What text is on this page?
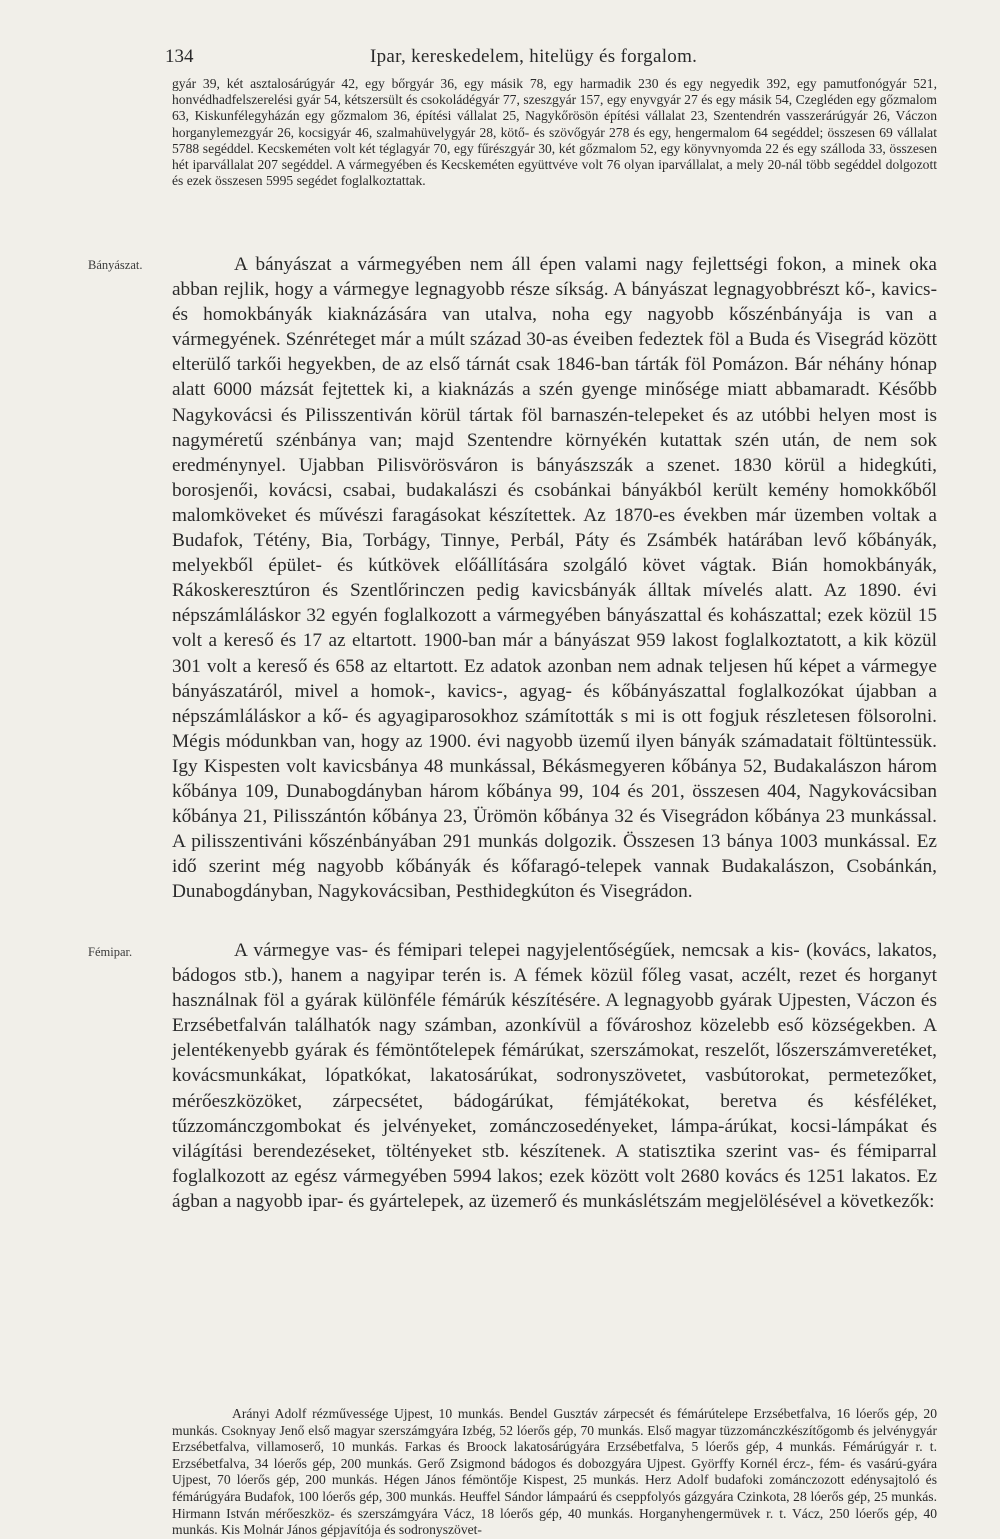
134	Ipar, kereskedelem, hitelügy és forgalom.

gyár 39, két asztalosárúgyár 42, egy bőrgyár 36, egy másik 78, egy harmadik 230 és egy negyedik 392, egy pamutfonógyár 521, honvédhadfelszerelési gyár 54, kétszersült és csokoládégyár 77, szeszgyár 157, egy enyvgyár 27 és egy másik 54, Czegléden egy gőzmalom 63, Kiskunfélegyházán egy gőzmalom 36, építési vállalat 25, Nagykőrösön építési vállalat 23, Szentendrén vasszerárúgyár 26, Váczon horganylemezgyár 26, kocsigyár 46, szalmahüvelygyár 28, kötő- és szövőgyár 278 és egy, hengermalom 64 segéddel; összesen 69 vállalat 5788 segéddel. Kecskeméten volt két téglagyár 70, egy fűrészgyár 30, két gőzmalom 52, egy könyvnyomda 22 és egy szálloda 33, összesen hét iparvállalat 207 segéddel. A vármegyében és Kecskeméten együttvéve volt 76 olyan iparvállalat, a mely 20-nál több segéddel dolgozott és ezek összesen 5995 segédet foglalkoztattak.

Bányászat.	A bányászat a vármegyében nem áll épen valami nagy fejlettségi fokon, a minek oka abban rejlik, hogy a vármegye legnagyobb része síkság. A bányászat legnagyobbrészt kő-, kavics- és homokbányák kiaknázására van utalva, noha egy nagyobb kőszénbányája is van a vármegyének. Szénréteget már a múlt század 30-as éveiben fedeztek föl a Buda és Visegrád között elterülő tarkői hegyekben, de az első tárnát csak 1846-ban tárták föl Pomázon. Bár néhány hónap alatt 6000 mázsát fejtettek ki, a kiaknázás a szén gyenge minősége miatt abbamaradt. Később Nagykovácsi és Pilisszentiván körül tártak föl barnaszén-telepeket és az utóbbi helyen most is nagyméretű szénbánya van; majd Szentendre környékén kutattak szén után, de nem sok eredménynyel. Ujabban Pilisvörösváron is bányászszák a szenet. 1830 körül a hidegkúti, borosjenői, kovácsi, csabai, budakalászi és csobánkai bányákból került kemény homokkőből malomköveket és művészi faragásokat készítettek. Az 1870-es években már üzemben voltak a Budafok, Tétény, Bia, Torbágy, Tinnye, Perbál, Páty és Zsámbék határában levő kőbányák, melyekből épület- és kútkövek előállítására szolgáló követ vágtak. Bián homokbányák, Rákoskeresztúron és Szentlőrinczen pedig kavicsbányák álltak mívelés alatt. Az 1890. évi népszámláláskor 32 egyén foglalkozott a vármegyében bányászattal és kohászattal; ezek közül 15 volt a kereső és 17 az eltartott. 1900-ban már a bányászat 959 lakost foglalkoztatott, a kik közül 301 volt a kereső és 658 az eltartott. Ez adatok azonban nem adnak teljesen hű képet a vármegye bányászatáról, mivel a homok-, kavics-, agyag- és kőbányászattal foglalkozókat újabban a népszámláláskor a kő- és agyagiparosokhoz számították s mi is ott fogjuk részletesen fölsorolni. Mégis módunkban van, hogy az 1900. évi nagyobb üzemű ilyen bányák számadatait föltüntessük. Igy Kispesten volt kavicsbánya 48 munkással, Békásmegyeren kőbánya 52, Budakalászon három kőbánya 109, Dunabogdányban három kőbánya 99, 104 és 201, összesen 404, Nagykovácsiban kőbánya 21, Pilisszántón kőbánya 23, Ürömön kőbánya 32 és Visegrádon kőbánya 23 munkással. A pilisszentiváni kőszénbányában 291 munkás dolgozik. Összesen 13 bánya 1003 munkással. Ez idő szerint még nagyobb kőbányák és kőfaragó-telepek vannak Budakalászon, Csobánkán, Dunabogdányban, Nagykovácsiban, Pesthidegkúton és Visegrádon.

Fémipar.	A vármegye vas- és fémipari telepei nagyjelentőségűek, nemcsak a kis- (kovács, lakatos, bádogos stb.), hanem a nagyipar terén is. A fémek közül főleg vasat, aczélt, rezet és horganyt használnak föl a gyárak különféle fémárúk készítésére. A legnagyobb gyárak Ujpesten, Váczon és Erzsébetfalván találhatók nagy számban, azonkívül a fővároshoz közelebb eső községekben. A jelentékenyebb gyárak és fémöntőtelepek fémárúkat, szerszámokat, reszelőt, lőszerszámveretéket, kovácsmunkákat, lópatkókat, lakatosárúkat, sodronyszövetet, vasbútorokat, permetezőket, mérőeszközöket, zárpecsétet, bádogárúkat, fémjátékokat, beretva és késféléket, tűzzománczgombokat és jelvényeket, zománczosedényeket, lámpa-árúkat, kocsi-lámpákat és világítási berendezéseket, töltényeket stb. készítenek. A statisztika szerint vas- és fémiparral foglalkozott az egész vármegyében 5994 lakos; ezek között volt 2680 kovács és 1251 lakatos. Ez ágban a nagyobb ipar- és gyártelepek, az üzemerő és munkáslétszám megjelölésével a következők:

Arányi Adolf rézművessége Ujpest, 10 munkás. Bendel Gusztáv zárpecsét és fémárútelepe Erzsébetfalva, 16 lóerős gép, 20 munkás. Csoknyay Jenő első magyar szerszámgyára Izbég, 52 lóerős gép, 70 munkás. Első magyar tüzzománczkészítőgomb és jelvénygyár Erzsébetfalva, villamoserő, 10 munkás. Farkas és Broock lakatosárúgyára Erzsébetfalva, 5 lóerős gép, 4 munkás. Fémárúgyár r. t. Erzsébetfalva, 34 lóerős gép, 200 munkás. Gerő Zsigmond bádogos és dobozgyára Ujpest. Györffy Kornél ércz-, fém- és vasárú-gyára Ujpest, 70 lóerős gép, 200 munkás. Hégen János fémöntője Kispest, 25 munkás. Herz Adolf budafoki zománczozott edénysajtoló és fémárúgyára Budafok, 100 lóerős gép, 300 munkás. Heuffel Sándor lámpaárú és cseppfolyós gázgyára Czinkota, 28 lóerős gép, 25 munkás. Hirmann István mérőeszköz- és szerszámgyára Vácz, 18 lóerős gép, 40 munkás. Horganyhengermüvek r. t. Vácz, 250 lóerős gép, 40 munkás. Kis Molnár János gépjavítója és sodronyszövet-
